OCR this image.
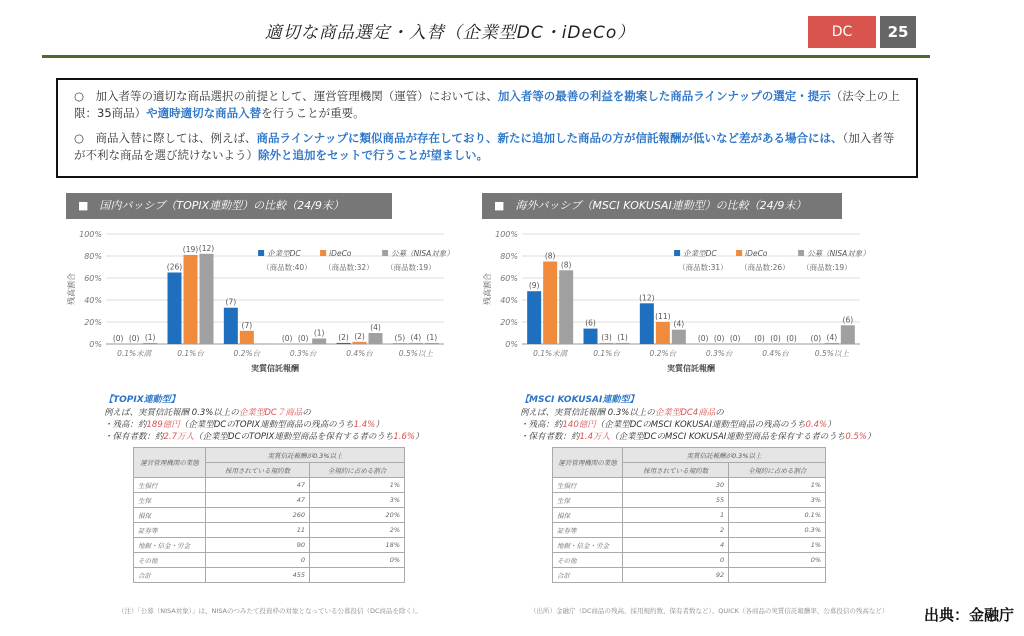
適切な商品選定・入替（企業型DC・iDeCo）	DC	25

○　加入者等の適切な商品選択の前提として、運営管理機関（運管）においては、加入者等の最善の利益を勘案した商品ラインナップの選定・提示（法令上の上限：35商品）や適時適切な商品入替を行うことが重要。

○　商品入替に際しては、例えば、商品ラインナップに類似商品が存在しており、新たに追加した商品の方が信託報酬が低いなど差がある場合には、（加入者等が不利な商品を選び続けないよう）除外と追加をセットで行うことが望ましい。

■　国内パッシブ（TOPIX連動型）の比較（24/9末）	■　海外パッシブ（MSCI KOKUSAI連動型）の比較（24/9末）
0%
20%
40%
60%
80%
100%
残高割合
(0) (0) (1)
0.1%未満
(26)
(19) (12)
0.1%台
(7)
(7)
0.2%台
(0) (0)
(1)
0.3%台
(2) (2)
(4)
0.4%台
(5) (4) (1)
0.5%以上
実質信託報酬
企業型DC
（商品数:40）
iDeCo
（商品数:32）
公募（NISA対象）
（商品数:19）
0%
20%
40%
60%
80%
100%
残高割合	(9)
(8)
(8)
0.1%未満
(6)
(3) (1)
0.1%台
(12)
(11)
(4)
0.2%台
(0) (0) (0)
0.3%台
(0) (0) (0)
0.4%台
(0) (4)
(6)
0.5%以上
実質信託報酬
企業型DC
（商品数:31）
iDeCo
（商品数:26）
公募（NISA対象）
（商品数:19）
【TOPIX連動型】
例えば、実質信託報酬 0.3%以上の企業型DC７商品の
・残高：約189億円（企業型DCのTOPIX連動型商品の残高のうち1.4%）
・保有者数：約2.7万人（企業型DCのTOPIX連動型商品を保有する者のうち1.6%）
【MSCI KOKUSAI連動型】
例えば、実質信託報酬 0.3%以上の企業型DC4商品の
・残高：約140億円（企業型DCのMSCI KOKUSAI連動型商品の残高のうち0.4%）
・保有者数：約1.4万人（企業型DCのMSCI KOKUSAI連動型商品を保有する者のうち0.5%）
運営管理機関の業態	実質信託報酬が0.3%以上	
	採用されている規約数	全規約に占める割合
生損行	47	1%
生保	47	3%
損保	260	20%
証券等	11	2%
地銀・信金・労金	90	18%
その他	0	0%
合計	455	
運営管理機関の業態	実質信託報酬が0.3%以上	
	採用されている規約数	全規約に占める割合
生損行	30	1%
生保	55	3%
損保	1	0.1%
証券等	2	0.3%
地銀・信金・労金	4	1%
その他	0	0%
合計	92	
（注）「公募（NISA対象）」は、NISAのつみたて投資枠の対象となっている公募投信（DC商品を除く）。	（出所）金融庁（DC商品の残高、採用規約数、保有者数など）、QUICK（各商品の実質信託報酬率、公募投信の残高など） 出典：金融庁
